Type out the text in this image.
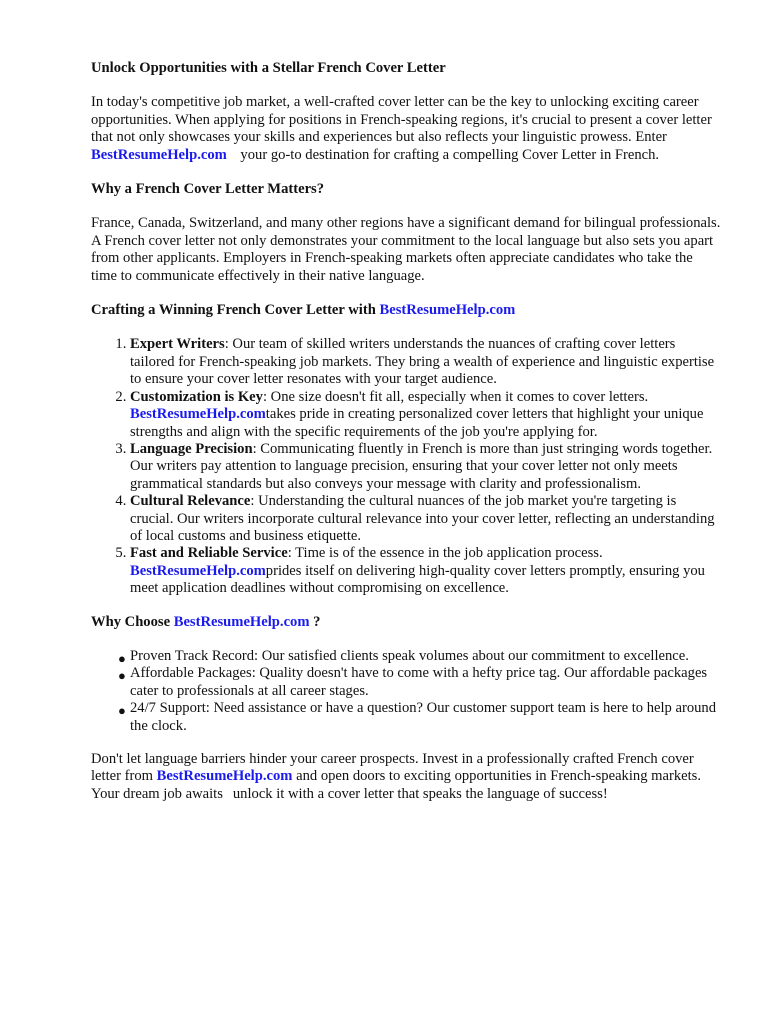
Unlock Opportunities with a Stellar French Cover Letter

In today's competitive job market, a well-crafted cover letter can be the key to unlocking exciting career opportunities. When applying for positions in French-speaking regions, it's crucial to present a cover letter that not only showcases your skills and experiences but also reflects your linguistic prowess. Enter BestResumeHelp.com your go-to destination for crafting a compelling Cover Letter in French.

Why a French Cover Letter Matters?

France, Canada, Switzerland, and many other regions have a significant demand for bilingual professionals. A French cover letter not only demonstrates your commitment to the local language but also sets you apart from other applicants. Employers in French-speaking markets often appreciate candidates who take the time to communicate effectively in their native language.

Crafting a Winning French Cover Letter with BestResumeHelp.com
1. Expert Writers: Our team of skilled writers understands the nuances of crafting cover letters tailored for French-speaking job markets. They bring a wealth of experience and linguistic expertise to ensure your cover letter resonates with your target audience.
2. Customization is Key: One size doesn't fit all, especially when it comes to cover letters. BestResumeHelp.comtakes pride in creating personalized cover letters that highlight your unique strengths and align with the specific requirements of the job you're applying for.
3. Language Precision: Communicating fluently in French is more than just stringing words together. Our writers pay attention to language precision, ensuring that your cover letter not only meets grammatical standards but also conveys your message with clarity and professionalism.
4. Cultural Relevance: Understanding the cultural nuances of the job market you're targeting is crucial. Our writers incorporate cultural relevance into your cover letter, reflecting an understanding of local customs and business etiquette.
5. Fast and Reliable Service: Time is of the essence in the job application process. BestResumeHelp.comprides itself on delivering high-quality cover letters promptly, ensuring you meet application deadlines without compromising on excellence.
Why Choose BestResumeHelp.com ?
● Proven Track Record: Our satisfied clients speak volumes about our commitment to excellence.
● Affordable Packages: Quality doesn't have to come with a hefty price tag. Our affordable packages cater to professionals at all career stages.
● 24/7 Support: Need assistance or have a question? Our customer support team is here to help around the clock.

Don't let language barriers hinder your career prospects. Invest in a professionally crafted French cover letter from BestResumeHelp.com and open doors to exciting opportunities in French-speaking markets. Your dream job awaits unlock it with a cover letter that speaks the language of success!
